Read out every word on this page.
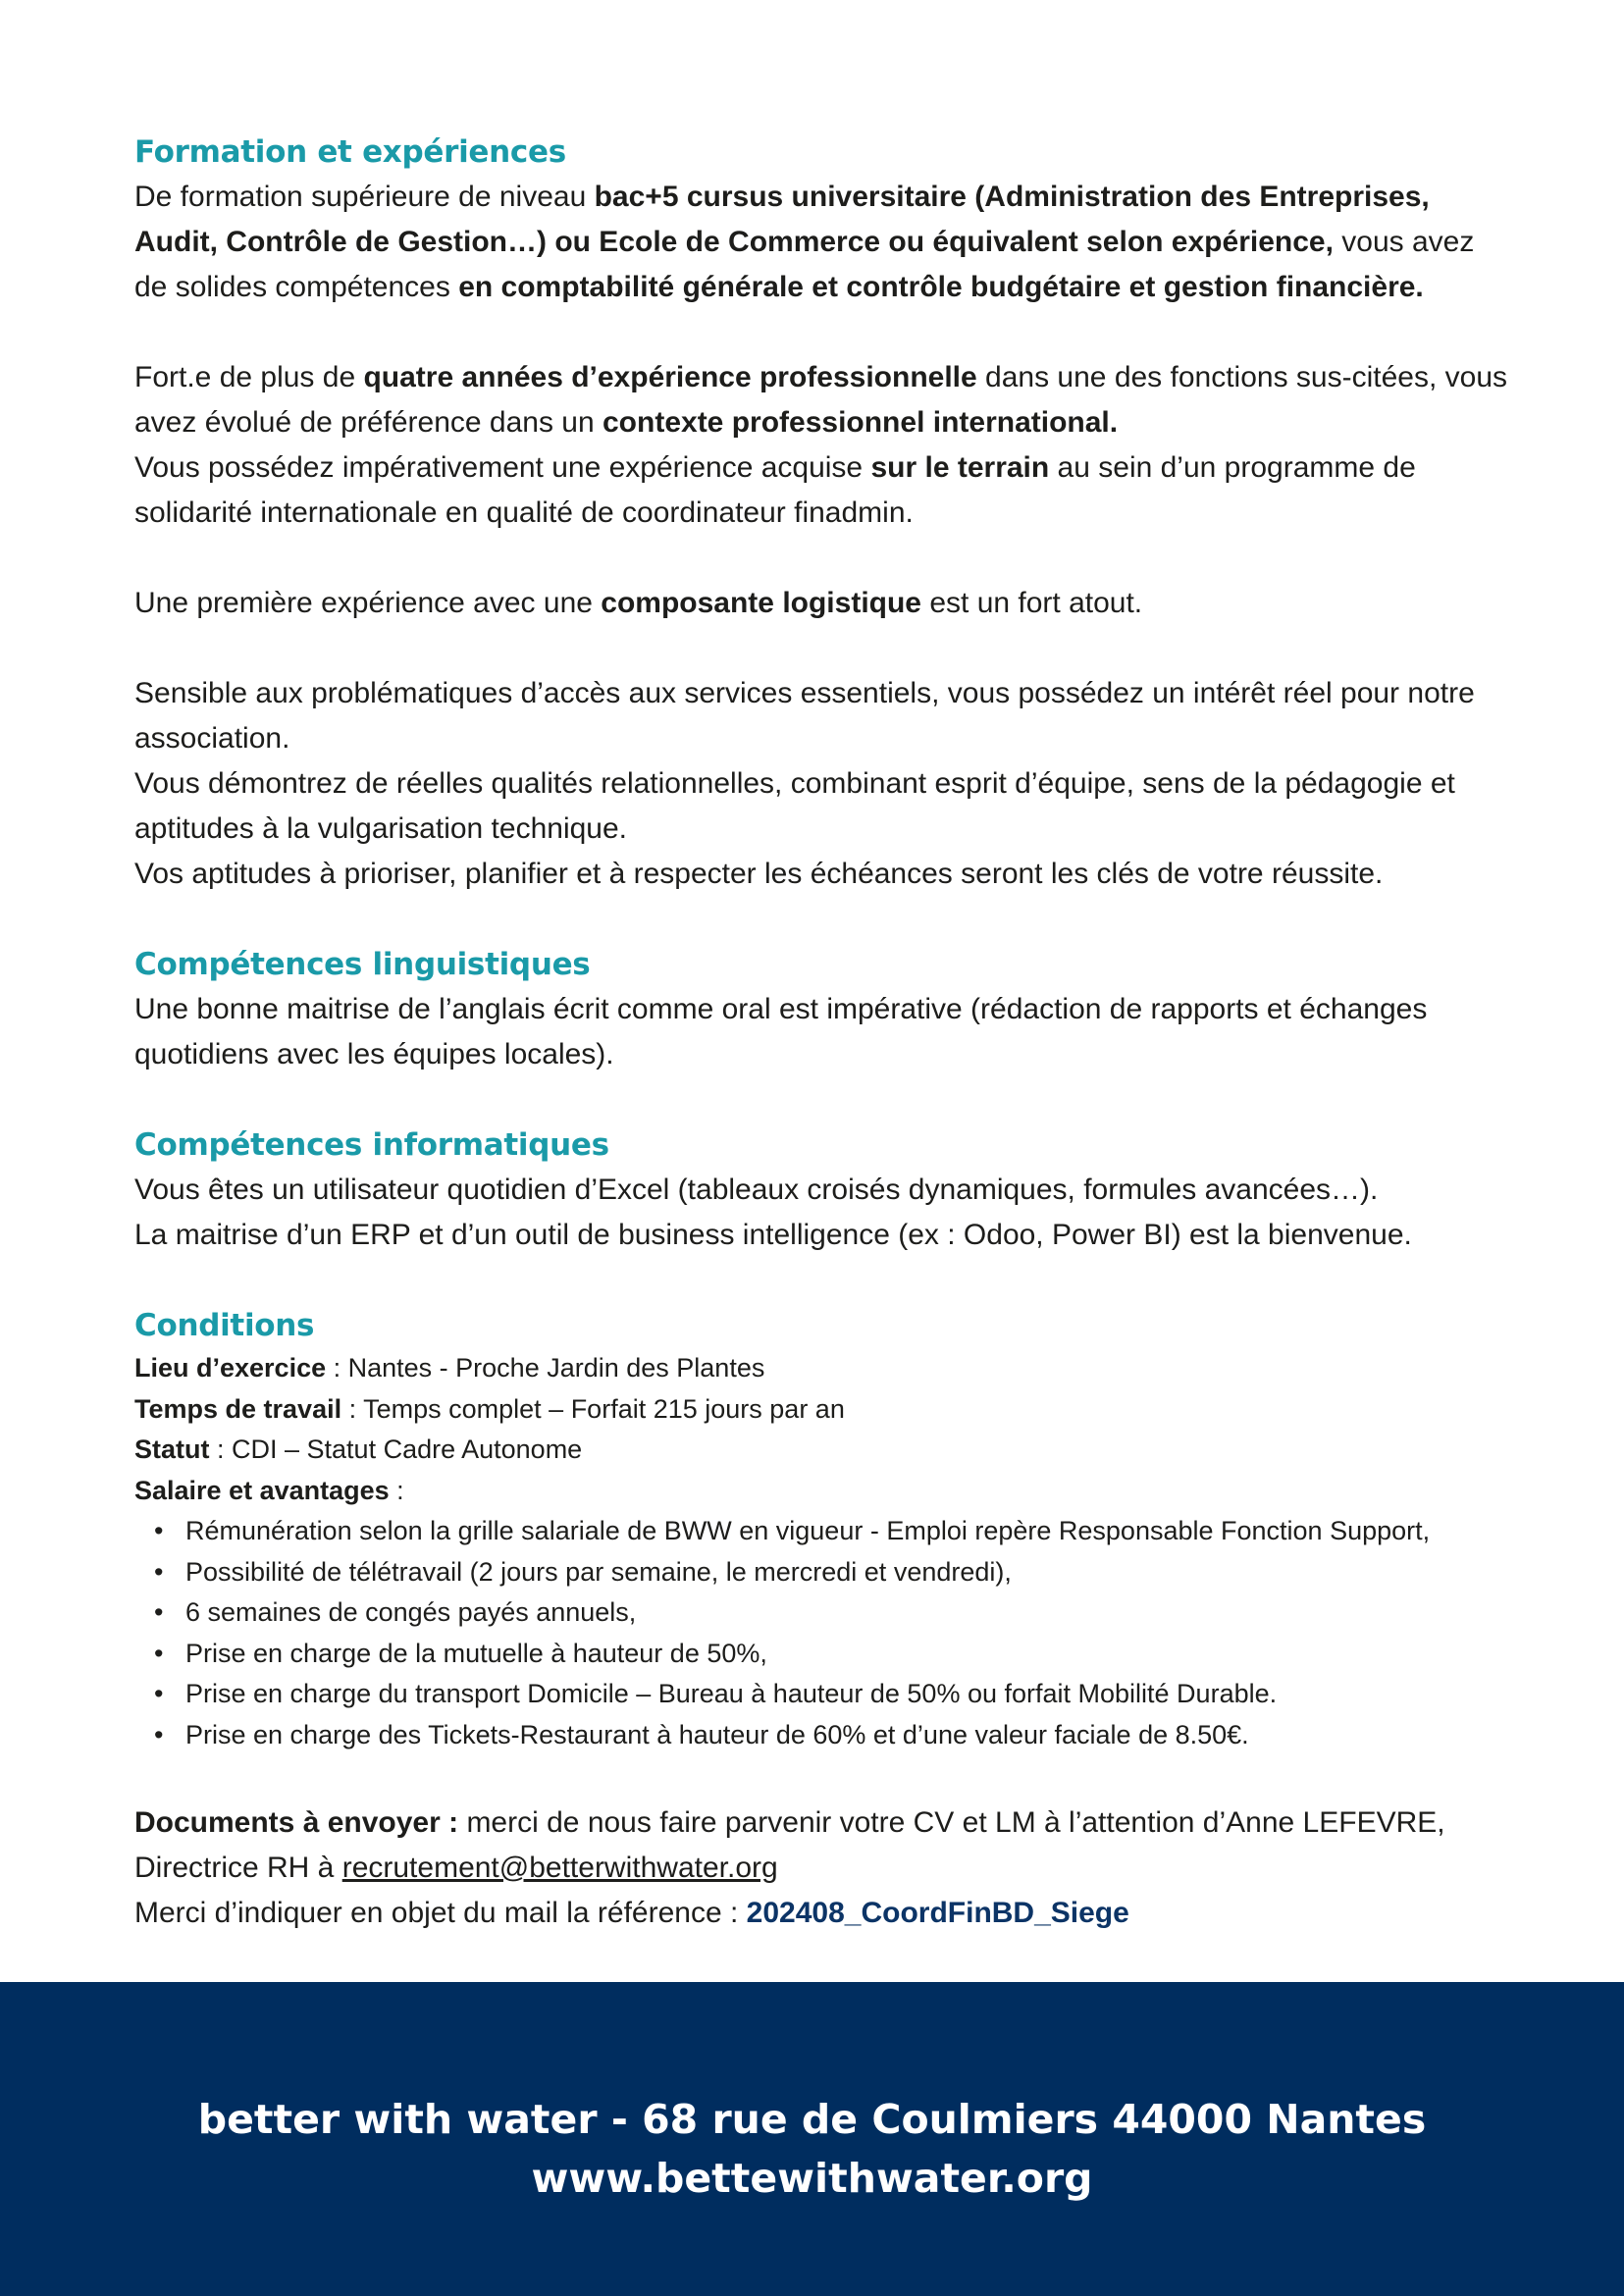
Formation et expériences

De formation supérieure de niveau bac+5 cursus universitaire (Administration des Entreprises, Audit, Contrôle de Gestion…) ou Ecole de Commerce ou équivalent selon expérience, vous avez de solides compétences en comptabilité générale et contrôle budgétaire et gestion financière.

Fort.e de plus de quatre années d’expérience professionnelle dans une des fonctions sus-citées, vous avez évolué de préférence dans un contexte professionnel international.

Vous possédez impérativement une expérience acquise sur le terrain au sein d’un programme de solidarité internationale en qualité de coordinateur finadmin.

Une première expérience avec une composante logistique est un fort atout.

Sensible aux problématiques d’accès aux services essentiels, vous possédez un intérêt réel pour notre association.

Vous démontrez de réelles qualités relationnelles, combinant esprit d’équipe, sens de la pédagogie et aptitudes à la vulgarisation technique.

Vos aptitudes à prioriser, planifier et à respecter les échéances seront les clés de votre réussite.

Compétences linguistiques

Une bonne maitrise de l’anglais écrit comme oral est impérative (rédaction de rapports et échanges quotidiens avec les équipes locales).

Compétences informatiques

Vous êtes un utilisateur quotidien d’Excel (tableaux croisés dynamiques, formules avancées…).

La maitrise d’un ERP et d’un outil de business intelligence (ex : Odoo, Power BI) est la bienvenue.

Conditions

Lieu d’exercice : Nantes - Proche Jardin des Plantes

Temps de travail : Temps complet – Forfait 215 jours par an

Statut : CDI – Statut Cadre Autonome

Salaire et avantages :

• Rémunération selon la grille salariale de BWW en vigueur - Emploi repère Responsable Fonction Support,
• Possibilité de télétravail (2 jours par semaine, le mercredi et vendredi),
• 6 semaines de congés payés annuels,
• Prise en charge de la mutuelle à hauteur de 50%,
• Prise en charge du transport Domicile – Bureau à hauteur de 50% ou forfait Mobilité Durable.
• Prise en charge des Tickets-Restaurant à hauteur de 60% et d’une valeur faciale de 8.50€.

Documents à envoyer : merci de nous faire parvenir votre CV et LM à l’attention d’Anne LEFEVRE, Directrice RH à recrutement@betterwithwater.org

Merci d’indiquer en objet du mail la référence : 202408_CoordFinBD_Siege

better with water - 68 rue de Coulmiers 44000 Nantes

www.bettewithwater.org
